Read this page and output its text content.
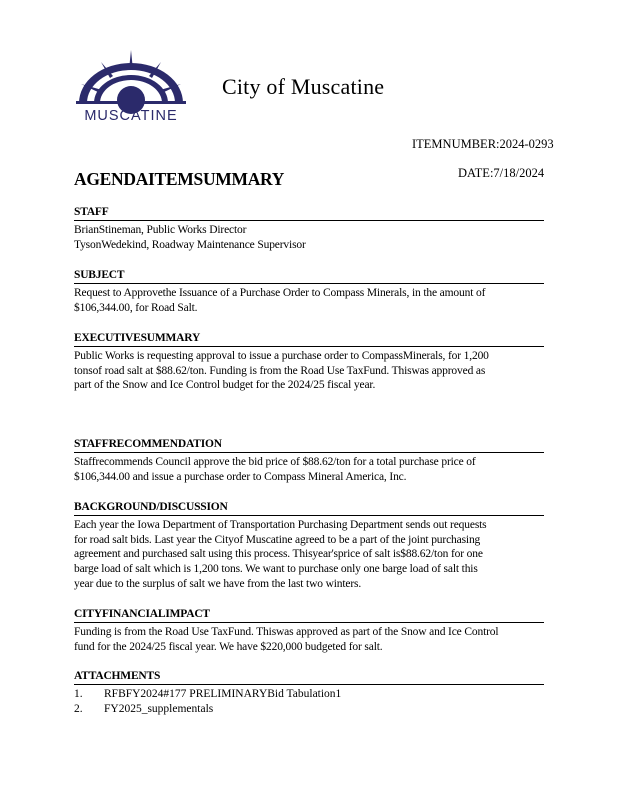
MUSCATINE
City of Muscatine
ITEMNUMBER:2024-0293
AGENDAITEMSUMMARY	DATE:7/18/2024
STAFF

BrianStineman, Public Works Director
TysonWedekind, Roadway Maintenance Supervisor

SUBJECT

Request to Approvethe Issuance of a Purchase Order to Compass Minerals, in the amount of
$106,344.00, for Road Salt.

EXECUTIVESUMMARY

Public Works is requesting approval to issue a purchase order to CompassMinerals, for 1,200
tonsof road salt at $88.62/ton. Funding is from the Road Use TaxFund. Thiswas approved as
part of the Snow and Ice Control budget for the 2024/25 fiscal year.

STAFFRECOMMENDATION

Staffrecommends Council approve the bid price of $88.62/ton for a total purchase price of
$106,344.00 and issue a purchase order to Compass Mineral America, Inc.

BACKGROUND/DISCUSSION

Each year the Iowa Department of Transportation Purchasing Department sends out requests
for road salt bids. Last year the Cityof Muscatine agreed to be a part of the joint purchasing
agreement and purchased salt using this process. Thisyear'sprice of salt is$88.62/ton for one
barge load of salt which is 1,200 tons. We want to purchase only one barge load of salt this
year due to the surplus of salt we have from the last two winters.

CITYFINANCIALIMPACT

Funding is from the Road Use TaxFund. Thiswas approved as part of the Snow and Ice Control
fund for the 2024/25 fiscal year. We have $220,000 budgeted for salt.

ATTACHMENTS
1.	RFBFY2024#177 PRELIMINARYBid Tabulation1
2.	FY2025_supplementals
